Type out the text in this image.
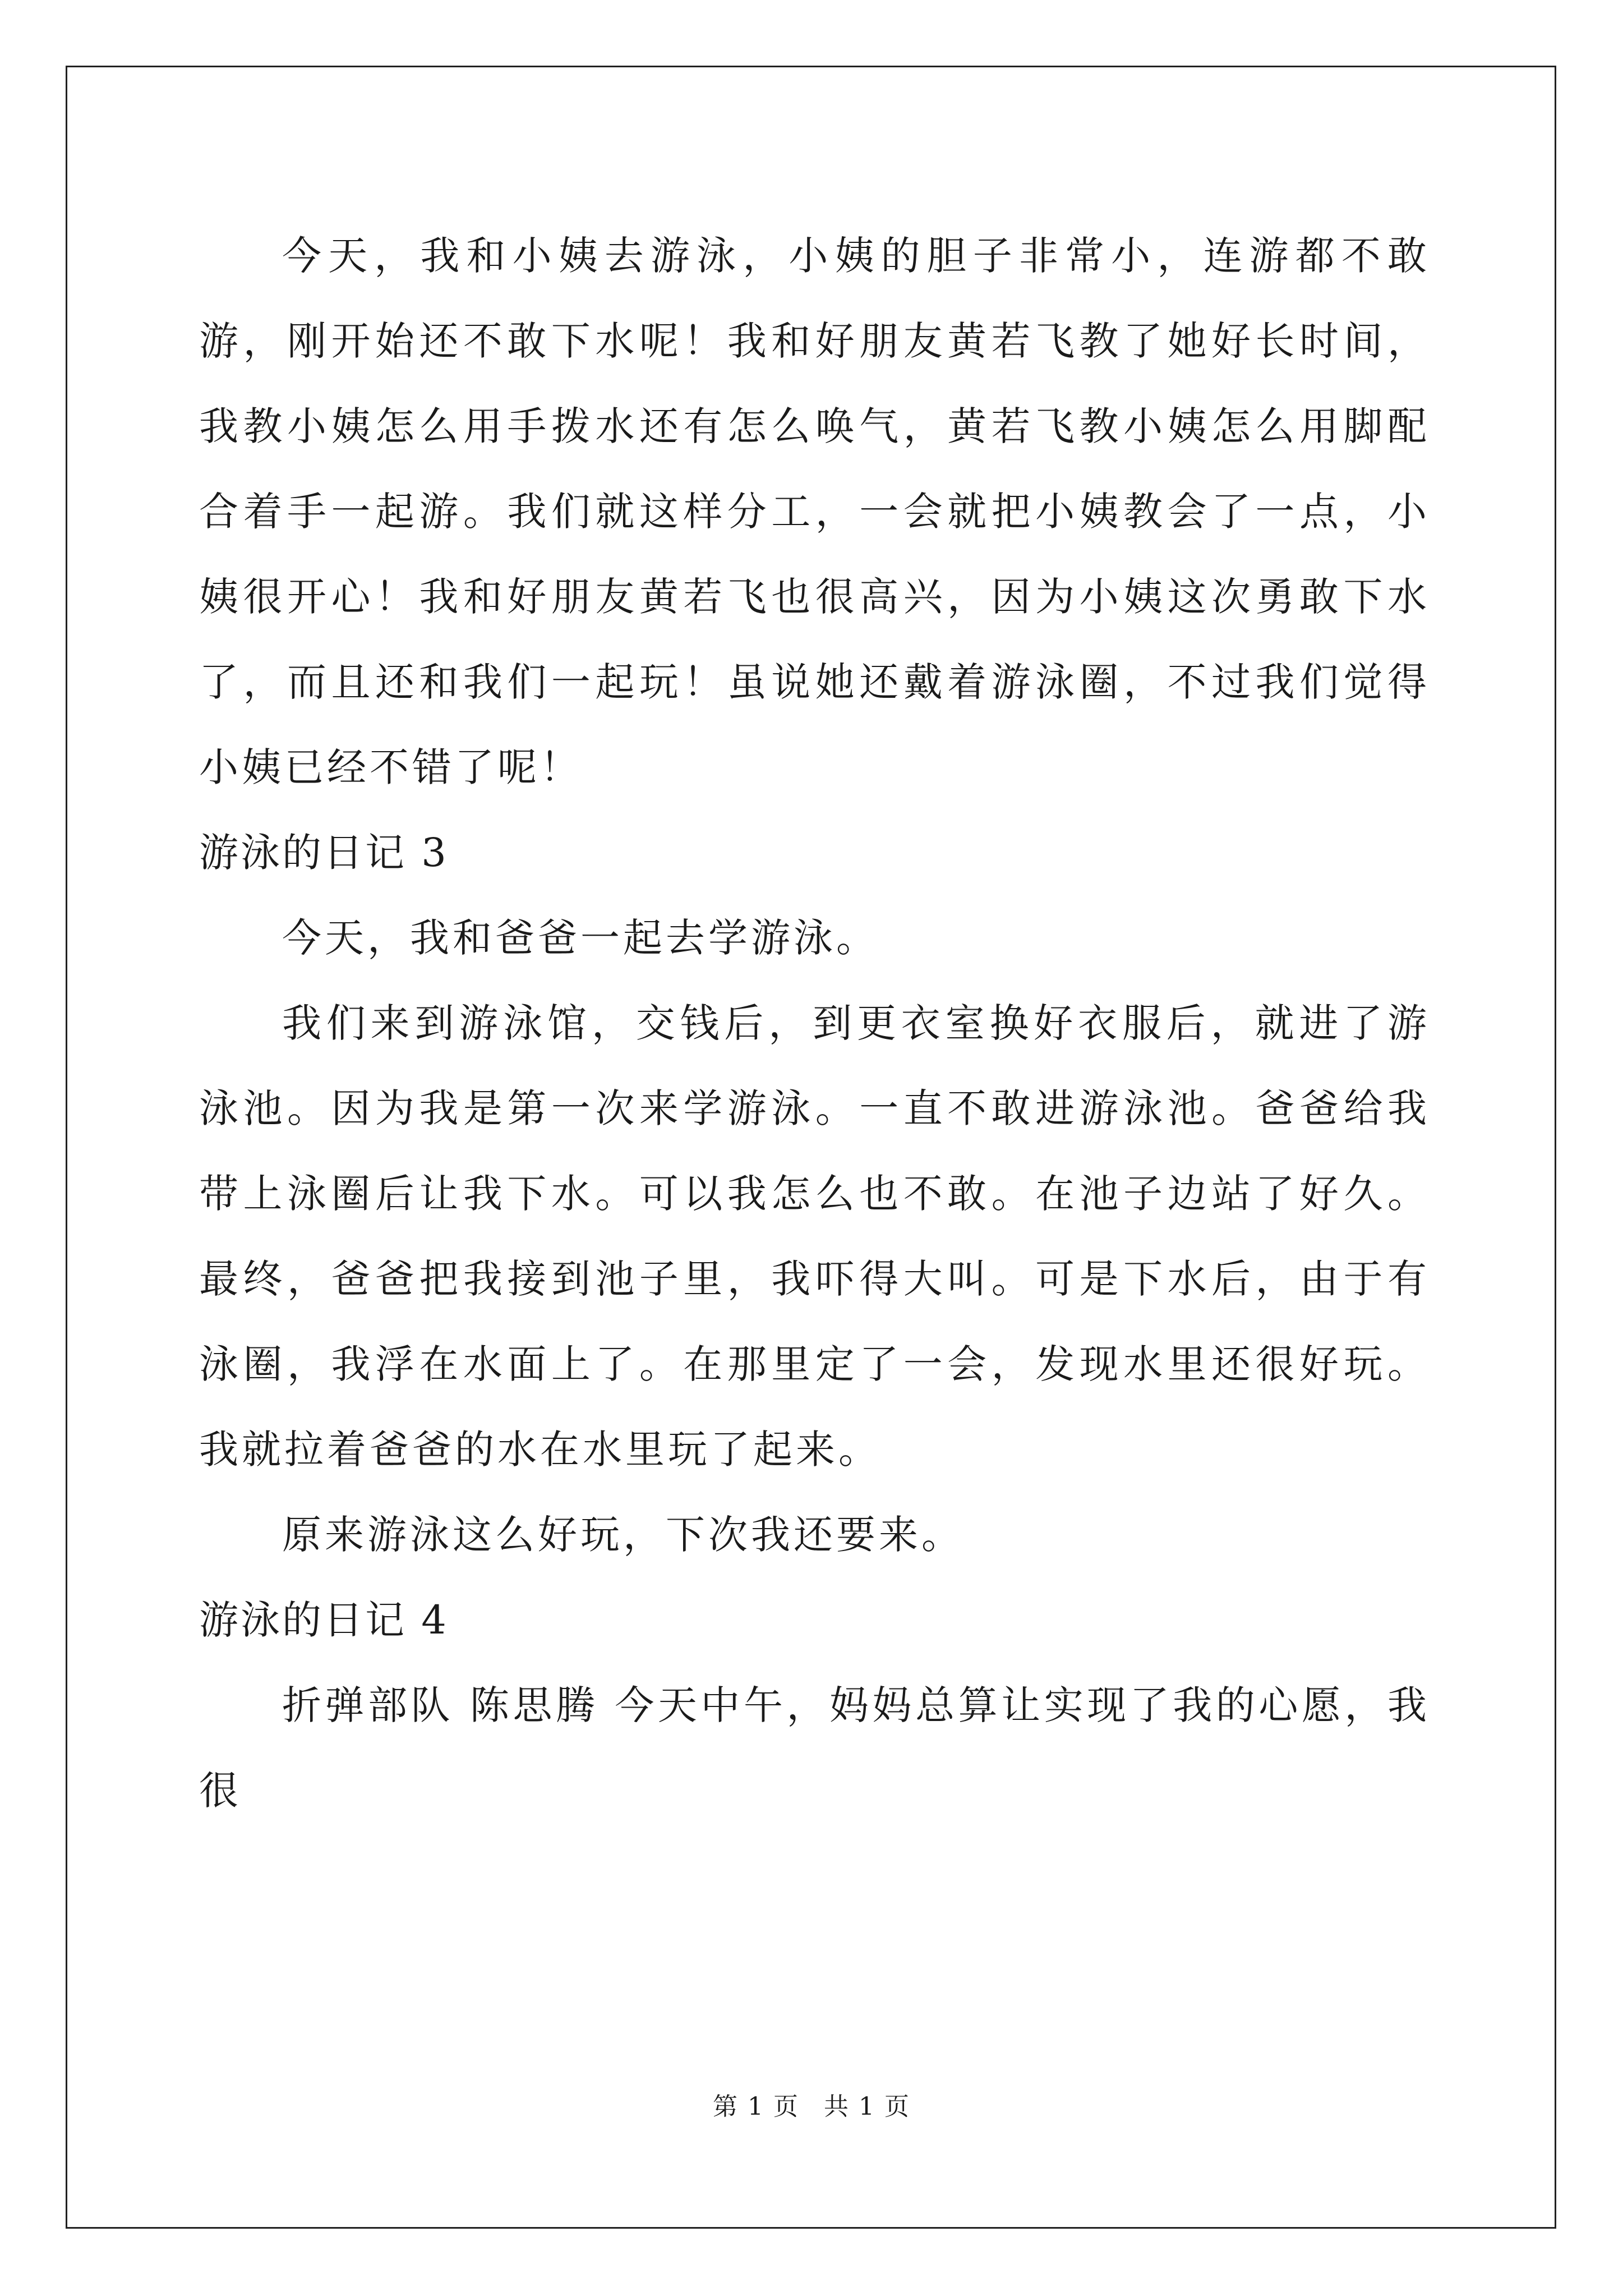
今天，我和小姨去游泳，小姨的胆子非常小，连游都不敢游，刚开始还不敢下水呢！我和好朋友黄若飞教了她好长时间，我教小姨怎么用手拨水还有怎么唤气，黄若飞教小姨怎么用脚配合着手一起游。我们就这样分工，一会就把小姨教会了一点，小姨很开心！我和好朋友黄若飞也很高兴，因为小姨这次勇敢下水了，而且还和我们一起玩！虽说她还戴着游泳圈，不过我们觉得小姨已经不错了呢！

游泳的日记 3

今天，我和爸爸一起去学游泳。

我们来到游泳馆，交钱后，到更衣室换好衣服后，就进了游泳池。因为我是第一次来学游泳。一直不敢进游泳池。爸爸给我带上泳圈后让我下水。可以我怎么也不敢。在池子边站了好久。最终，爸爸把我接到池子里，我吓得大叫。可是下水后，由于有泳圈，我浮在水面上了。在那里定了一会，发现水里还很好玩。我就拉着爸爸的水在水里玩了起来。

原来游泳这么好玩，下次我还要来。

游泳的日记 4

折弹部队 陈思腾 今天中午，妈妈总算让实现了我的心愿，我很

第 1 页 共 1 页
